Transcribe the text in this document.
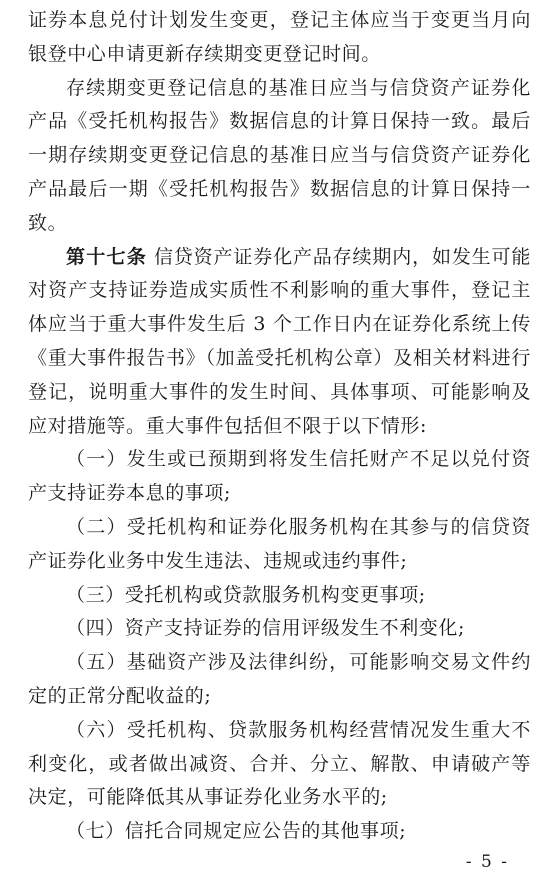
证券本息兑付计划发生变更，登记主体应当于变更当月向银登中心申请更新存续期变更登记时间。

存续期变更登记信息的基准日应当与信贷资产证券化产品《受托机构报告》数据信息的计算日保持一致。最后一期存续期变更登记信息的基准日应当与信贷资产证券化产品最后一期《受托机构报告》数据信息的计算日保持一致。

第十七条 信贷资产证券化产品存续期内，如发生可能对资产支持证券造成实质性不利影响的重大事件，登记主体应当于重大事件发生后 3 个工作日内在证券化系统上传《重大事件报告书》（加盖受托机构公章）及相关材料进行登记，说明重大事件的发生时间、具体事项、可能影响及应对措施等。重大事件包括但不限于以下情形:

（一）发生或已预期到将发生信托财产不足以兑付资产支持证券本息的事项;

（二）受托机构和证券化服务机构在其参与的信贷资产证券化业务中发生违法、违规或违约事件;

（三）受托机构或贷款服务机构变更事项;

（四）资产支持证券的信用评级发生不利变化;

（五）基础资产涉及法律纠纷，可能影响交易文件约定的正常分配收益的;

（六）受托机构、贷款服务机构经营情况发生重大不利变化，或者做出减资、合并、分立、解散、申请破产等决定，可能降低其从事证券化业务水平的;

（七）信托合同规定应公告的其他事项;

- 5 -
